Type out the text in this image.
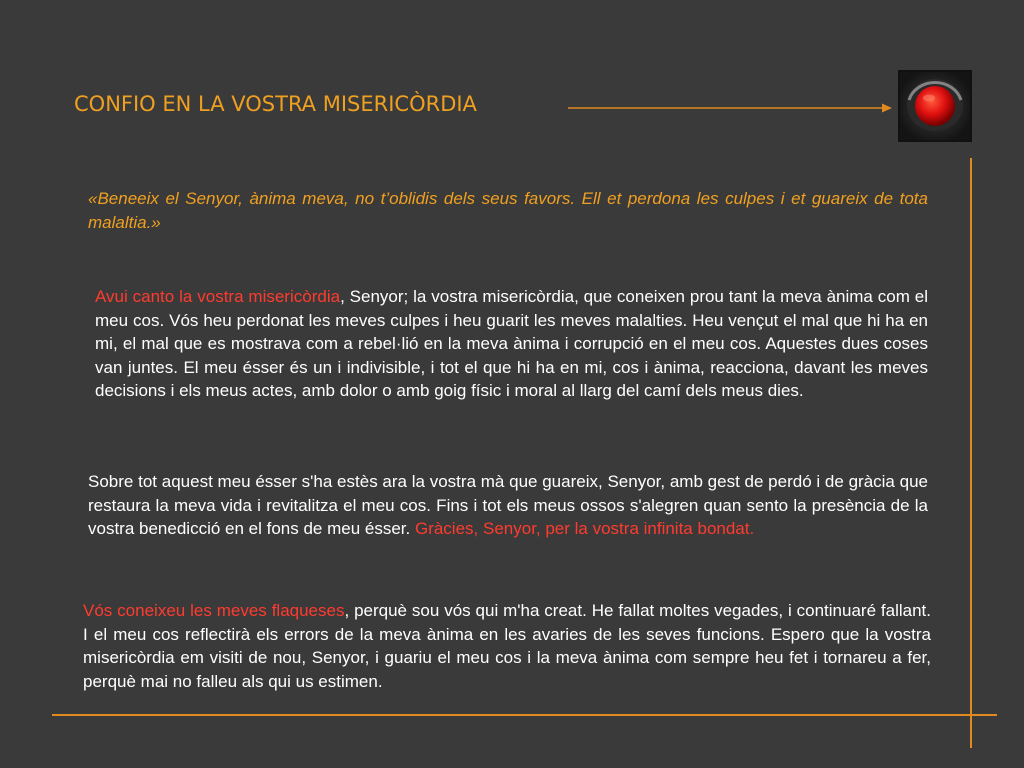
CONFIO EN LA VOSTRA MISERICÒRDIA
«Beneeix el Senyor, ànima meva, no t’oblidis dels seus favors. Ell et perdona les culpes i et guareix de tota malaltia.»
Avui canto la vostra misericòrdia, Senyor; la vostra misericòrdia, que coneixen prou tant la meva ànima com el meu cos. Vós heu perdonat les meves culpes i heu guarit les meves malalties. Heu vençut el mal que hi ha en mi, el mal que es mostrava com a rebel·lió en la meva ànima i corrupció en el meu cos. Aquestes dues coses van juntes. El meu ésser és un i indivisible, i tot el que hi ha en mi, cos i ànima, reacciona, davant les meves decisions i els meus actes, amb dolor o amb goig físic i moral al llarg del camí dels meus dies.
Sobre tot aquest meu ésser s'ha estès ara la vostra mà que guareix, Senyor, amb gest de perdó i de gràcia que restaura la meva vida i revitalitza el meu cos. Fins i tot els meus ossos s'alegren quan sento la presència de la vostra benedicció en el fons de meu ésser. Gràcies, Senyor, per la vostra infinita bondat.
Vós coneixeu les meves flaqueses, perquè sou vós qui m'ha creat. He fallat moltes vegades, i continuaré fallant. I el meu cos reflectirà els errors de la meva ànima en les avaries de les seves funcions. Espero que la vostra misericòrdia em visiti de nou, Senyor, i guariu el meu cos i la meva ànima com sempre heu fet i tornareu a fer, perquè mai no falleu als qui us estimen.
